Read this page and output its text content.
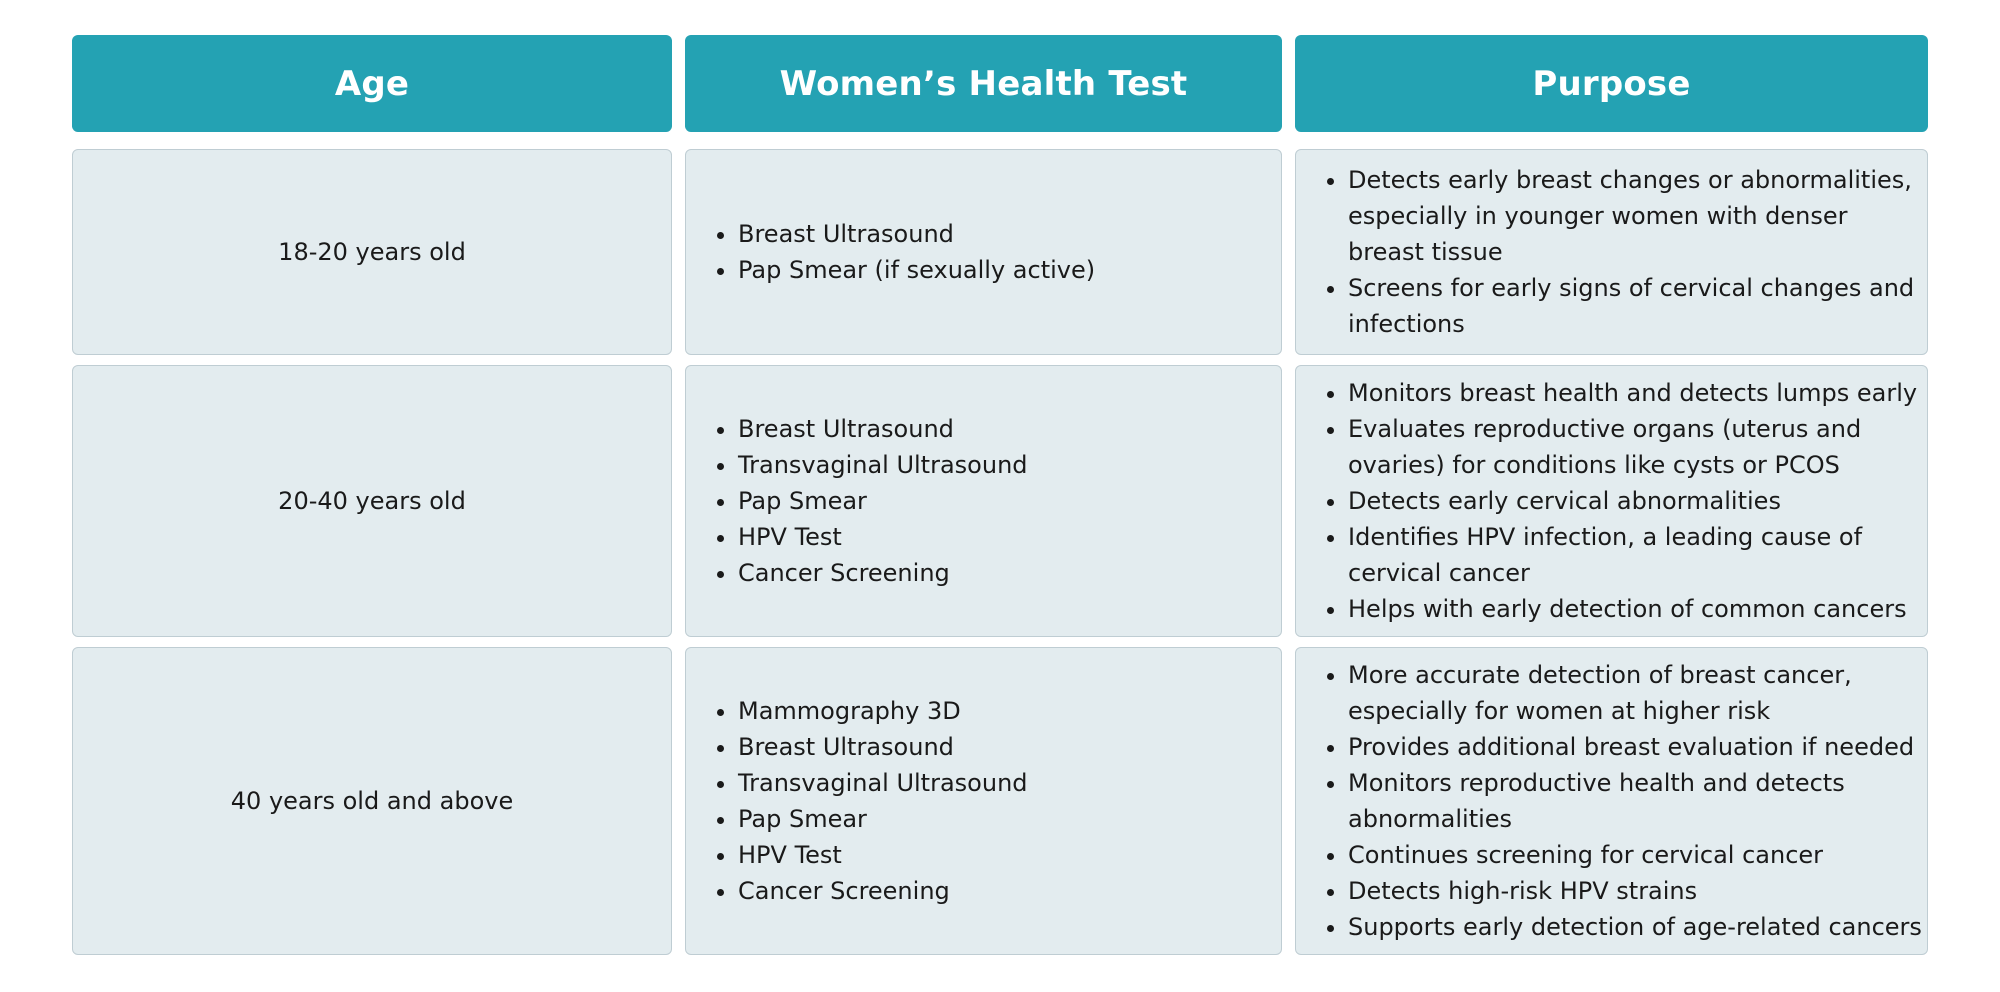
Age	Women’s Health Test	Purpose
18-20 years old
• Breast Ultrasound
• Pap Smear (if sexually active)
• Detects early breast changes or abnormalities, especially in younger women with denser breast tissue
• Screens for early signs of cervical changes and infections
20-40 years old
• Breast Ultrasound
• Transvaginal Ultrasound
• Pap Smear
• HPV Test
• Cancer Screening
• Monitors breast health and detects lumps early
• Evaluates reproductive organs (uterus and ovaries) for conditions like cysts or PCOS
• Detects early cervical abnormalities
• Identifies HPV infection, a leading cause of cervical cancer
• Helps with early detection of common cancers
40 years old and above
• Mammography 3D
• Breast Ultrasound
• Transvaginal Ultrasound
• Pap Smear
• HPV Test
• Cancer Screening
• More accurate detection of breast cancer, especially for women at higher risk
• Provides additional breast evaluation if needed
• Monitors reproductive health and detects abnormalities
• Continues screening for cervical cancer
• Detects high-risk HPV strains
• Supports early detection of age-related cancers
